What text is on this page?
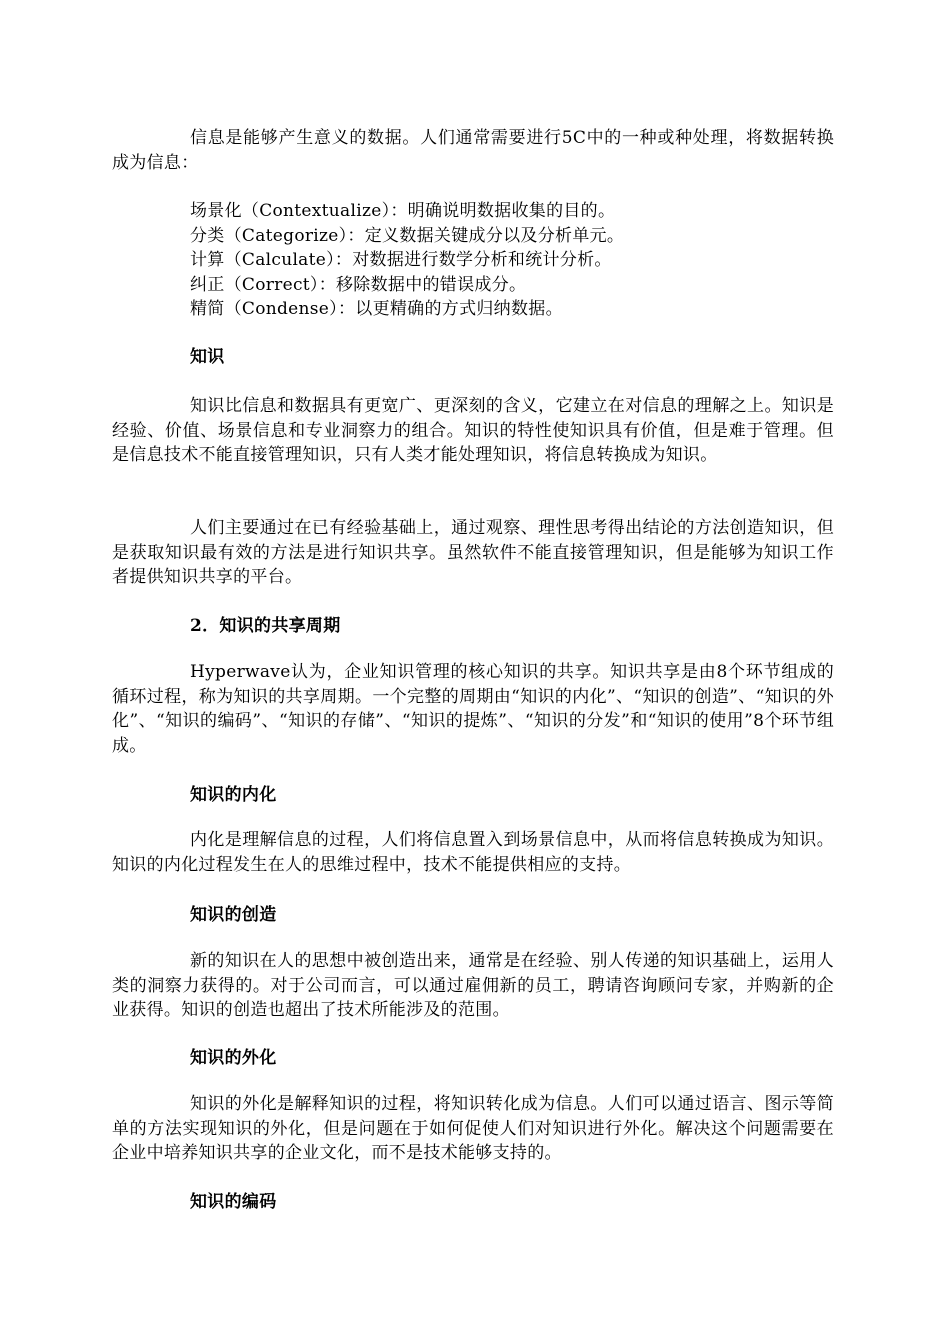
信息是能够产生意义的数据。人们通常需要进行5C中的一种或种处理，将数据转换成为信息：

场景化（Contextualize）：明确说明数据收集的目的。
分类（Categorize）：定义数据关键成分以及分析单元。
计算（Calculate）：对数据进行数学分析和统计分析。
纠正（Correct）：移除数据中的错误成分。
精简（Condense）：以更精确的方式归纳数据。

知识

知识比信息和数据具有更宽广、更深刻的含义，它建立在对信息的理解之上。知识是经验、价值、场景信息和专业洞察力的组合。知识的特性使知识具有价值，但是难于管理。但是信息技术不能直接管理知识，只有人类才能处理知识，将信息转换成为知识。

人们主要通过在已有经验基础上，通过观察、理性思考得出结论的方法创造知识，但是获取知识最有效的方法是进行知识共享。虽然软件不能直接管理知识，但是能够为知识工作者提供知识共享的平台。

2．知识的共享周期

Hyperwave认为，企业知识管理的核心知识的共享。知识共享是由8个环节组成的循环过程，称为知识的共享周期。一个完整的周期由“知识的内化”、“知识的创造”、“知识的外化”、“知识的编码”、“知识的存储”、“知识的提炼”、“知识的分发”和“知识的使用”8个环节组成。

知识的内化

内化是理解信息的过程，人们将信息置入到场景信息中，从而将信息转换成为知识。知识的内化过程发生在人的思维过程中，技术不能提供相应的支持。

知识的创造

新的知识在人的思想中被创造出来，通常是在经验、别人传递的知识基础上，运用人类的洞察力获得的。对于公司而言，可以通过雇佣新的员工，聘请咨询顾问专家，并购新的企业获得。知识的创造也超出了技术所能涉及的范围。

知识的外化

知识的外化是解释知识的过程，将知识转化成为信息。人们可以通过语言、图示等简单的方法实现知识的外化，但是问题在于如何促使人们对知识进行外化。解决这个问题需要在企业中培养知识共享的企业文化，而不是技术能够支持的。

知识的编码
